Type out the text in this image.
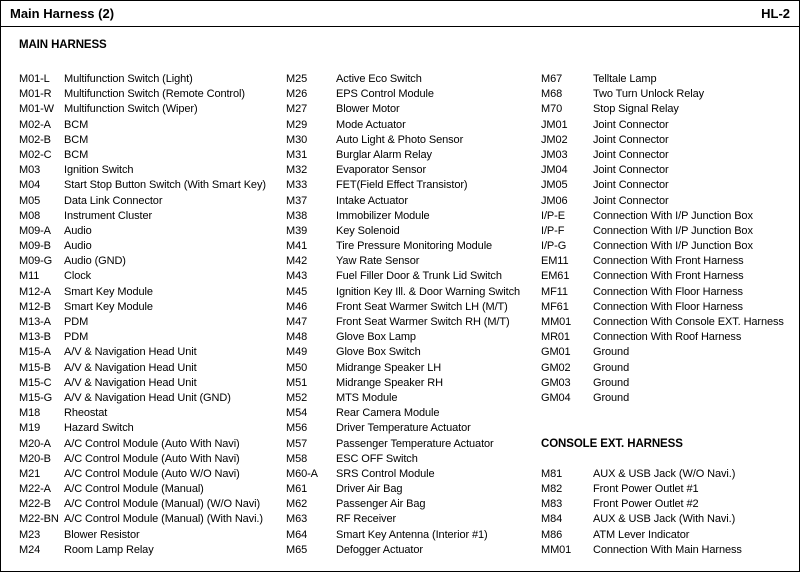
Main Harness (2)	HL-2
MAIN HARNESS
M01-L Multifunction Switch (Light)
M01-R Multifunction Switch (Remote Control)
M01-W Multifunction Switch (Wiper)
M02-A BCM
M02-B BCM
M02-C BCM
M03 Ignition Switch
M04 Start Stop Button Switch (With Smart Key)
M05 Data Link Connector
M08 Instrument Cluster
M09-A Audio
M09-B Audio
M09-G Audio (GND)
M11 Clock
M12-A Smart Key Module
M12-B Smart Key Module
M13-A PDM
M13-B PDM
M15-A A/V & Navigation Head Unit
M15-B A/V & Navigation Head Unit
M15-C A/V & Navigation Head Unit
M15-G A/V & Navigation Head Unit (GND)
M18 Rheostat
M19 Hazard Switch
M20-A A/C Control Module (Auto With Navi)
M20-B A/C Control Module (Auto With Navi)
M21 A/C Control Module (Auto W/O Navi)
M22-A A/C Control Module (Manual)
M22-B A/C Control Module (Manual) (W/O Navi)
M22-BN A/C Control Module (Manual) (With Navi.)
M23 Blower Resistor
M24 Room Lamp Relay
M25	Active Eco Switch
M26	EPS Control Module
M27	Blower Motor
M29	Mode Actuator
M30	Auto Light & Photo Sensor
M31	Burglar Alarm Relay
M32	Evaporator Sensor
M33	FET(Field Effect Transistor)
M37	Intake Actuator
M38	Immobilizer Module
M39	Key Solenoid
M41	Tire Pressure Monitoring Module
M42	Yaw Rate Sensor
M43	Fuel Filler Door & Trunk Lid Switch
M45	Ignition Key Ill. & Door Warning Switch
M46	Front Seat Warmer Switch LH (M/T)
M47	Front Seat Warmer Switch RH (M/T)
M48	Glove Box Lamp
M49	Glove Box Switch
M50	Midrange Speaker LH
M51	Midrange Speaker RH
M52	MTS Module
M54	Rear Camera Module
M56	Driver Temperature Actuator
M57	Passenger Temperature Actuator
M58	ESC OFF Switch
M60-A SRS Control Module
M61	Driver Air Bag
M62	Passenger Air Bag
M63	RF Receiver
M64	Smart Key Antenna (Interior #1)
M65	Defogger Actuator
M67	Telltale Lamp
M68	Two Turn Unlock Relay
M70	Stop Signal Relay
JM01 Joint Connector
JM02 Joint Connector
JM03 Joint Connector
JM04 Joint Connector
JM05 Joint Connector
JM06 Joint Connector
I/P-E	Connection With I/P Junction Box
I/P-F	Connection With I/P Junction Box
I/P-G Connection With I/P Junction Box
EM11 Connection With Front Harness
EM61 Connection With Front Harness
MF11 Connection With Floor Harness
MF61 Connection With Floor Harness
MM01 Connection With Console EXT. Harness
MR01 Connection With Roof Harness
GM01 Ground
GM02 Ground
GM03 Ground
GM04 Ground
CONSOLE EXT. HARNESS
M81	AUX & USB Jack (W/O Navi.)
M82	Front Power Outlet #1
M83	Front Power Outlet #2
M84	AUX & USB Jack (With Navi.)
M86	ATM Lever Indicator
MM01 Connection With Main Harness
